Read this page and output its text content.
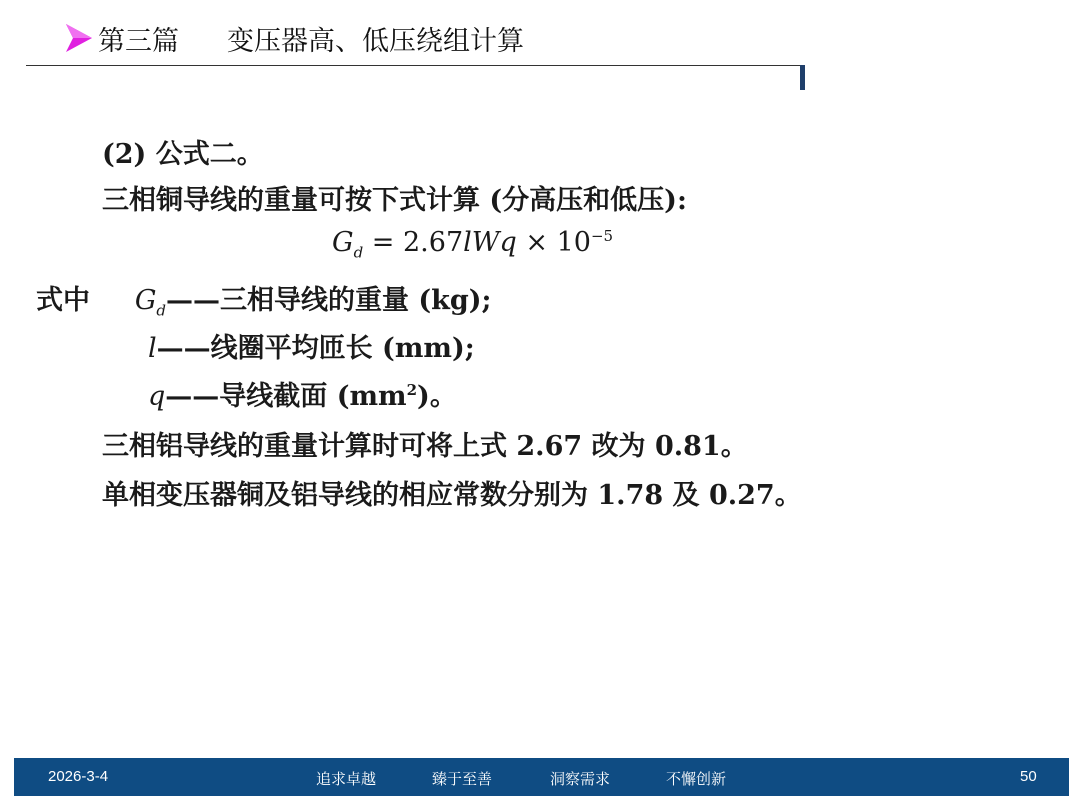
第三篇 变压器高、低压绕组计算
(2) 公式二。
三相铜导线的重量可按下式计算 (分高压和低压):
$G_d = 2.67lWq \times 10^{-5}$
式中 $G_d——$三相导线的重量 (kg);
l——线圈平均匝长 (mm);
q——导线截面 $(mm^2)$。
三相铝导线的重量计算时可将上式 2.67 改为 0.81。
单相变压器铜及铝导线的相应常数分别为 1.78 及 0.27。
2026-3-4	追求卓越	臻于至善	洞察需求	不懈创新	50
